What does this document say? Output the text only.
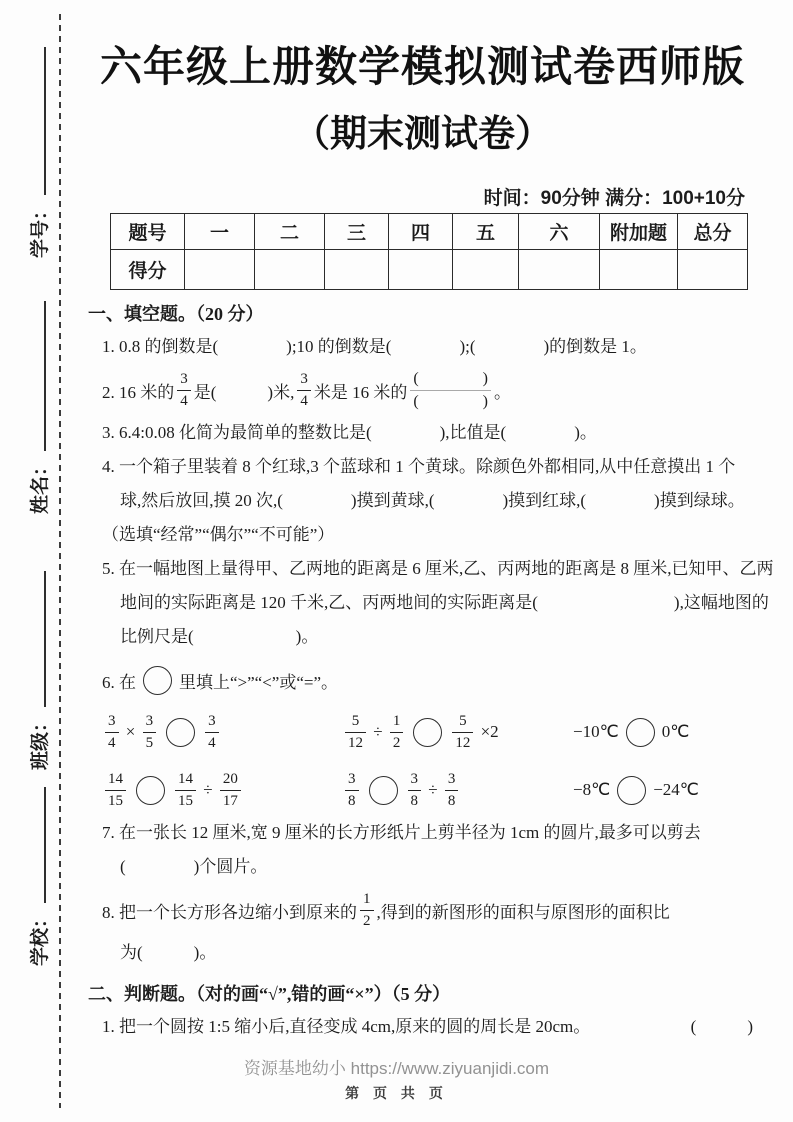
学号：
姓名：
班级：
学校：
六年级上册数学模拟测试卷西师版
（期末测试卷）
时间：90分钟 满分：100+10分
题号	一	二	三	四	五	六	附加题	总分
得分								
一、填空题。（20 分）
1. 0.8 的倒数是(　　　　);10 的倒数是(　　　　);(　　　　)的倒数是 1。
2. 16 米的 $\frac{3}{4}$ 是(　　　)米, $\frac{3}{4}$ 米是 16 米的 $\frac{( )}{( )}$ 。
3. 6.4:0.08 化简为最简单的整数比是(　　　　),比值是(　　　　)。
4. 一个箱子里装着 8 个红球,3 个蓝球和 1 个黄球。除颜色外都相同,从中任意摸出 1 个
球,然后放回,摸 20 次,(　　　　)摸到黄球,(　　　　)摸到红球,(　　　　)摸到绿球。
（选填“经常”“偶尔”“不可能”）
5. 在一幅地图上量得甲、乙两地的距离是 6 厘米,乙、丙两地的距离是 8 厘米,已知甲、乙两
地间的实际距离是 120 千米,乙、丙两地间的实际距离是(　　　　　　　　),这幅地图的
比例尺是(　　　　　　)。
6. 在	里填上“>”“<”或“=”。
$\frac{3}{4} \times \frac{3}{5}$	$\frac{3}{4}$	$\frac{5}{12} \div \frac{1}{2}$	$\frac{5}{12} \times 2$	−10℃	0℃
$\frac{14}{15}$	$\frac{14}{15} \div \frac{20}{17}$	$\frac{3}{8}$	$\frac{3}{8} \div \frac{3}{8}$	−8℃	−24℃
7. 在一张长 12 厘米,宽 9 厘米的长方形纸片上剪半径为 1cm 的圆片,最多可以剪去
(　　　　)个圆片。
8. 把一个长方形各边缩小到原来的 $\frac{1}{2}$ ,得到的新图形的面积与原图形的面积比
为(　　　)。
二、判断题。（对的画“√”,错的画“×”）（5 分）
1. 把一个圆按 1:5 缩小后,直径变成 4cm,原来的圆的周长是 20cm。	(　　　)
资源基地幼小 https://www.ziyuanjidi.com
第 页 共 页
